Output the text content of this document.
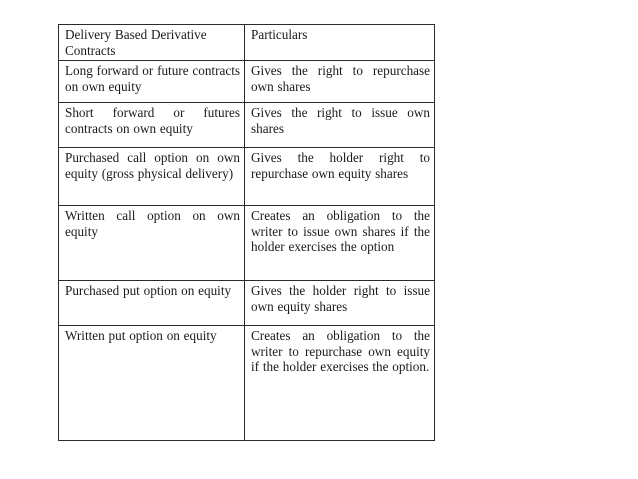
Delivery Based Derivative Contracts	Particulars
Long forward or future contracts on own equity	Gives the right to repurchase own shares
Short forward or futures contracts on own equity	Gives the right to issue own shares
Purchased call option on own equity (gross physical delivery)	Gives the holder right to repurchase own equity shares
Written call option on own equity	Creates an obligation to the writer to issue own shares if the holder exercises the option
Purchased put option on equity	Gives the holder right to issue own equity shares
Written put option on equity	Creates an obligation to the writer to repurchase own equity if the holder exercises the option.
